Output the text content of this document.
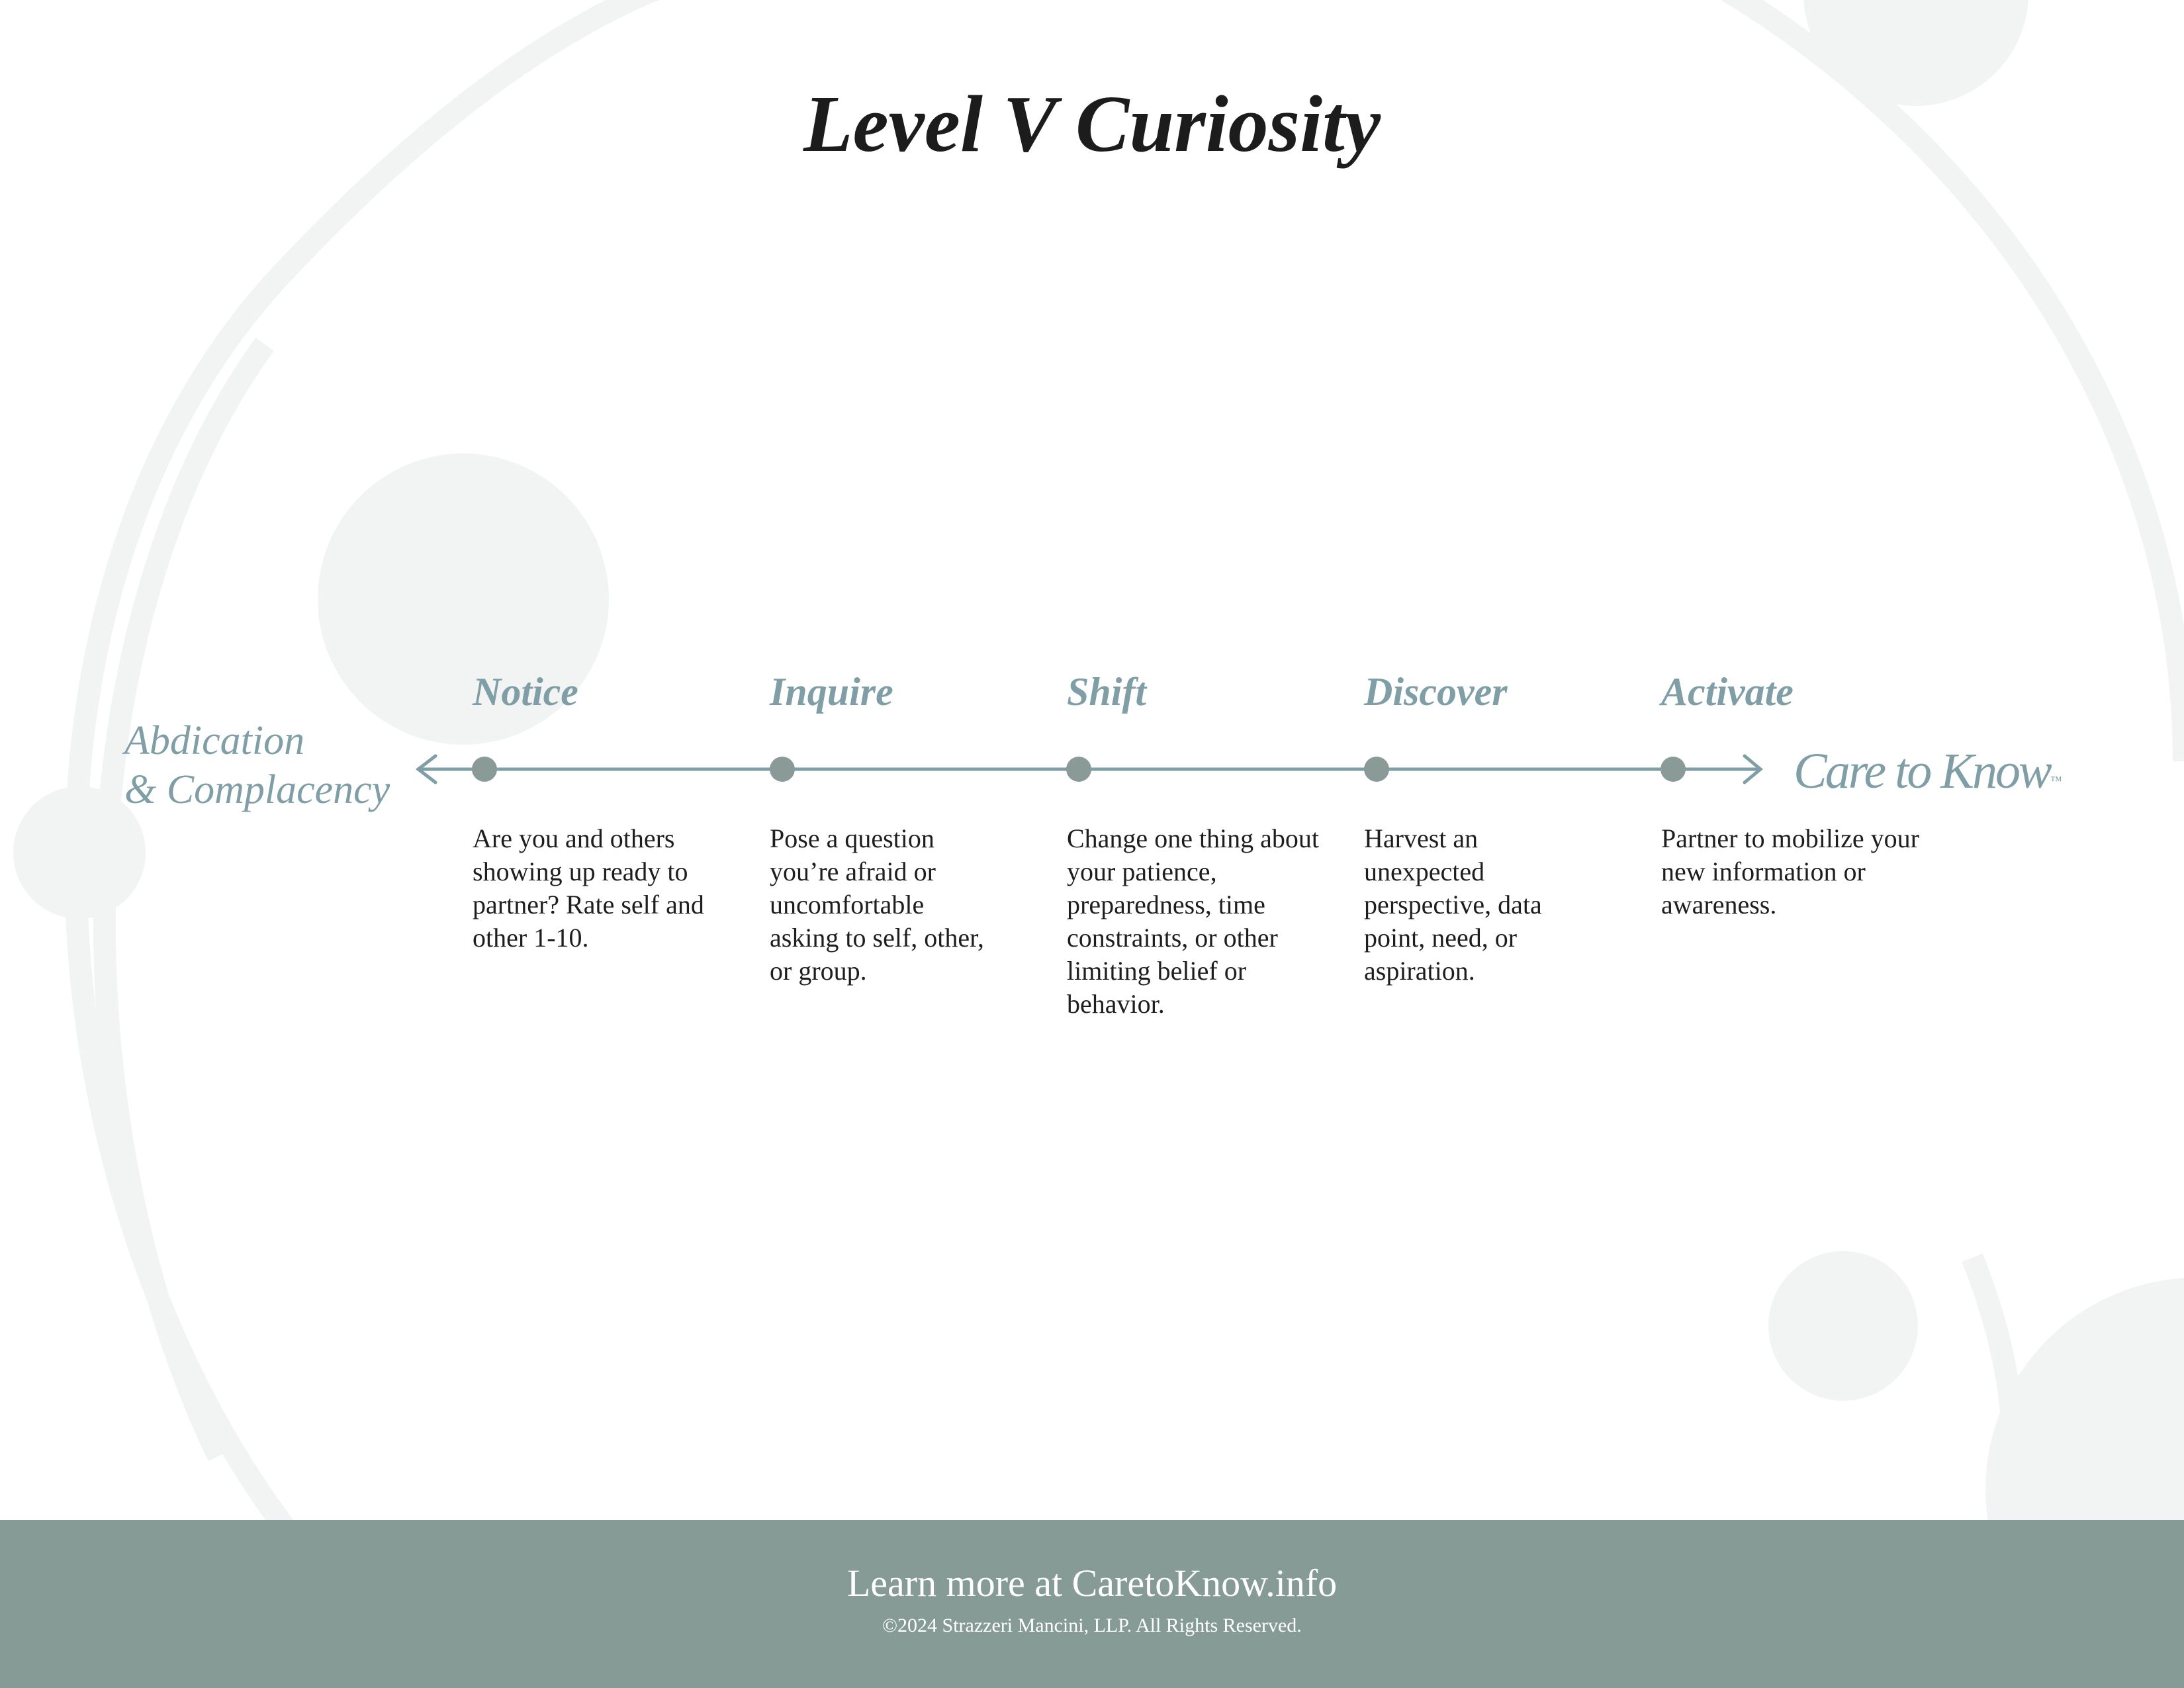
Level V Curiosity
Abdication
& Complacency	Care to Know™
Notice
Are you and others showing up ready to partner? Rate self and other 1-10.
Inquire
Pose a question you’re afraid or uncomfortable asking to self, other, or group.
Shift
Change one thing about your patience, preparedness, time constraints, or other limiting belief or behavior.
Discover
Harvest an unexpected perspective, data point, need, or aspiration.
Activate
Partner to mobilize your new information or awareness.
Learn more at CaretoKnow.info
©2024 Strazzeri Mancini, LLP. All Rights Reserved.
